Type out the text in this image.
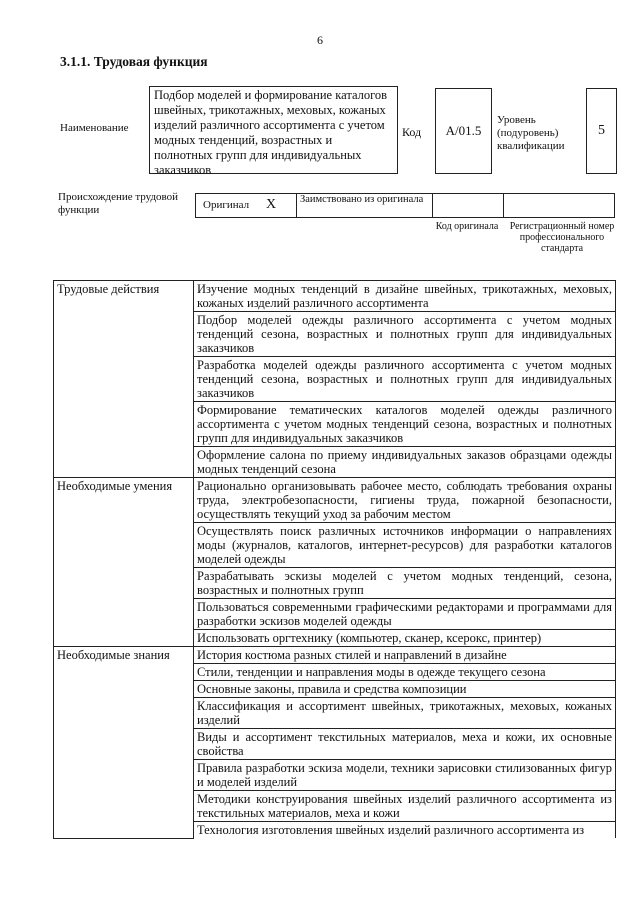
6
3.1.1. Трудовая функция
Наименование
Подбор моделей и формирование каталогов швейных, трикотажных, меховых, кожаных изделий различного ассортимента с учетом модных тенденций, возрастных и полнотных групп для индивидуальных заказчиков
Код	A/01.5
Уровень (подуровень) квалификации
5
Происхождение трудовой функции	Оригинал X Заимствовано из оригинала
Код оригинала	Регистрационный номер профессионального стандарта
Трудовые действия	Изучение модных тенденций в дизайне швейных, трикотажных, меховых, кожаных изделий различного ассортимента
	Подбор моделей одежды различного ассортимента с учетом модных тенденций сезона, возрастных и полнотных групп для индивидуальных заказчиков
	Разработка моделей одежды различного ассортимента с учетом модных тенденций сезона, возрастных и полнотных групп для индивидуальных заказчиков
	Формирование тематических каталогов моделей одежды различного ассортимента с учетом модных тенденций сезона, возрастных и полнотных групп для индивидуальных заказчиков
	Оформление салона по приему индивидуальных заказов образцами одежды модных тенденций сезона
Необходимые умения	Рационально организовывать рабочее место, соблюдать требования охраны труда, электробезопасности, гигиены труда, пожарной безопасности, осуществлять текущий уход за рабочим местом
	Осуществлять поиск различных источников информации о направлениях моды (журналов, каталогов, интернет-ресурсов) для разработки каталогов моделей одежды
	Разрабатывать эскизы моделей с учетом модных тенденций, сезона, возрастных и полнотных групп
	Пользоваться современными графическими редакторами и программами для разработки эскизов моделей одежды
	Использовать оргтехнику (компьютер, сканер, ксерокс, принтер)
Необходимые знания	История костюма разных стилей и направлений в дизайне
	Стили, тенденции и направления моды в одежде текущего сезона
	Основные законы, правила и средства композиции
	Классификация и ассортимент швейных, трикотажных, меховых, кожаных изделий
	Виды и ассортимент текстильных материалов, меха и кожи, их основные свойства
	Правила разработки эскиза модели, техники зарисовки стилизованных фигур и моделей изделий
	Методики конструирования швейных изделий различного ассортимента из текстильных материалов, меха и кожи
	Технология изготовления швейных изделий различного ассортимента из
